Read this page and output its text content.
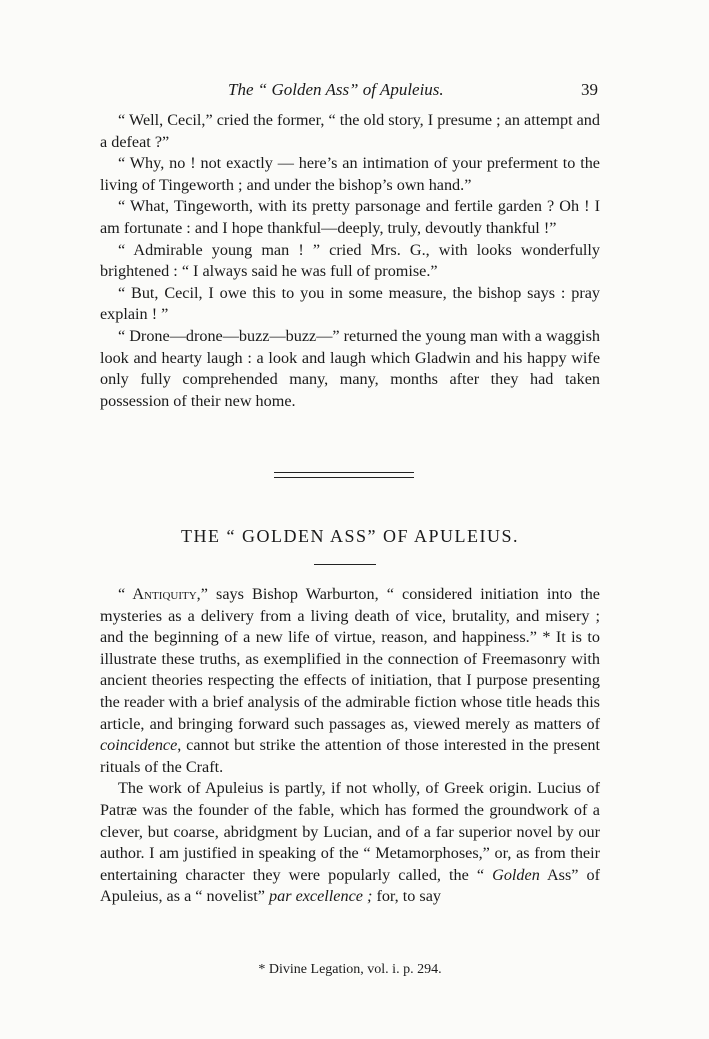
The “ Golden Ass” of Apuleius.	39

“ Well, Cecil,” cried the former, “ the old story, I presume ; an attempt and a defeat ?”

“ Why, no ! not exactly — here’s an intimation of your preferment to the living of Tingeworth ; and under the bishop’s own hand.”

“ What, Tingeworth, with its pretty parsonage and fertile garden ? Oh ! I am fortunate : and I hope thankful—deeply, truly, devoutly thankful !”

“ Admirable young man ! ” cried Mrs. G., with looks wonderfully brightened : “ I always said he was full of promise.”

“ But, Cecil, I owe this to you in some measure, the bishop says : pray explain ! ”

“ Drone—drone—buzz—buzz—” returned the young man with a waggish look and hearty laugh : a look and laugh which Gladwin and his happy wife only fully comprehended many, many, months after they had taken possession of their new home.

THE “ GOLDEN ASS” OF APULEIUS.

“ Antiquity,” says Bishop Warburton, “ considered initiation into the mysteries as a delivery from a living death of vice, brutality, and misery ; and the beginning of a new life of virtue, reason, and happiness.” * It is to illustrate these truths, as exemplified in the connection of Freemasonry with ancient theories respecting the effects of initiation, that I purpose presenting the reader with a brief analysis of the admirable fiction whose title heads this article, and bringing forward such passages as, viewed merely as matters of coincidence, cannot but strike the attention of those interested in the present rituals of the Craft.

The work of Apuleius is partly, if not wholly, of Greek origin. Lucius of Patræ was the founder of the fable, which has formed the groundwork of a clever, but coarse, abridgment by Lucian, and of a far superior novel by our author. I am justified in speaking of the “ Metamorphoses,” or, as from their entertaining character they were popularly called, the “ Golden Ass” of Apuleius, as a “ novelist” par excellence ; for, to say

* Divine Legation, vol. i. p. 294.
